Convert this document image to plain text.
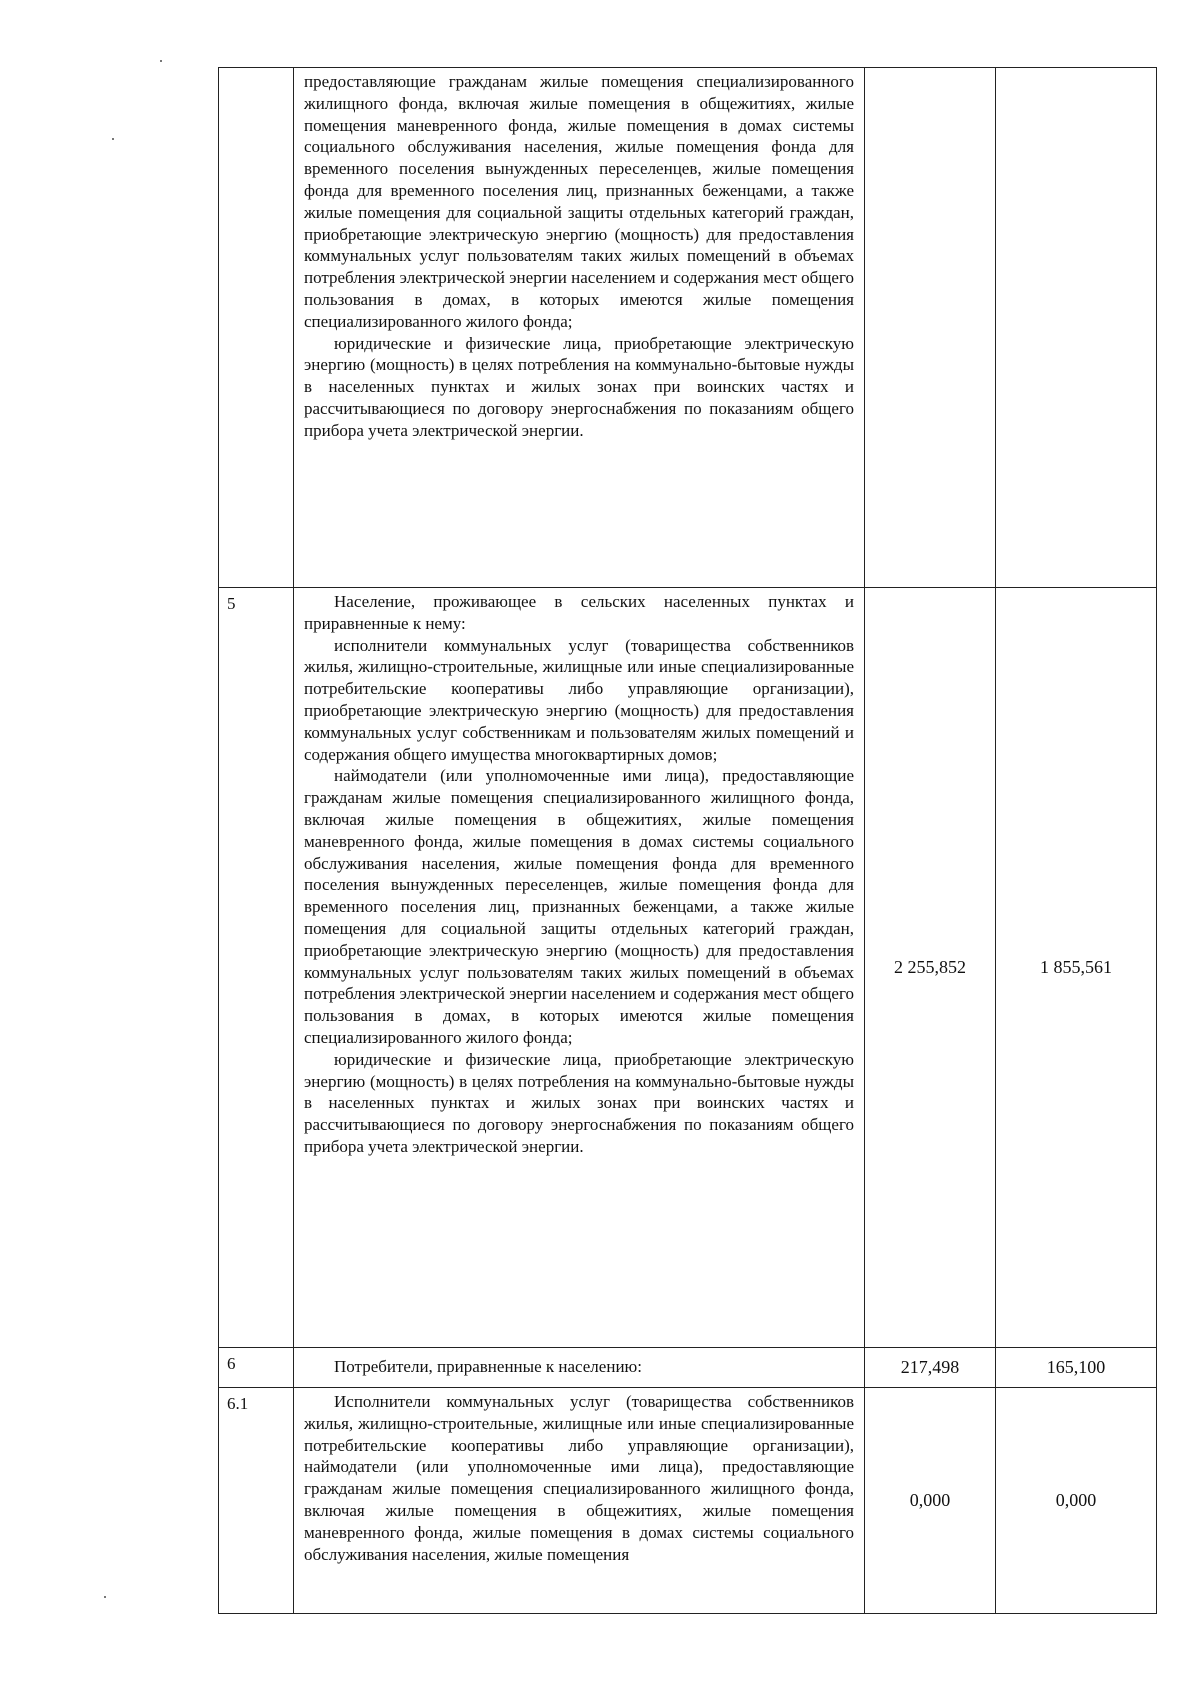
	предоставляющие гражданам жилые помещения специализированного жилищного фонда, включая жилые помещения в общежитиях, жилые помещения маневренного фонда, жилые помещения в домах системы социального обслуживания населения, жилые помещения фонда для временного поселения вынужденных переселенцев, жилые помещения фонда для временного поселения лиц, признанных беженцами, а также жилые помещения для социальной защиты отдельных категорий граждан, приобретающие электрическую энергию (мощность) для предоставления коммунальных услуг пользователям таких жилых помещений в объемах потребления электрической энергии населением и содержания мест общего пользования в домах, в которых имеются жилые помещения специализированного жилого фонда;

юридические и физические лица, приобретающие электрическую энергию (мощность) в целях потребления на коммунально-бытовые нужды в населенных пунктах и жилых зонах при воинских частях и рассчитывающиеся по договору энергоснабжения по показаниям общего прибора учета электрической энергии.		

5	Население, проживающее в сельских населенных пунктах и приравненные к нему:

исполнители коммунальных услуг (товарищества собственников жилья, жилищно-строительные, жилищные или иные специализированные потребительские кооперативы либо управляющие организации), приобретающие электрическую энергию (мощность) для предоставления коммунальных услуг собственникам и пользователям жилых помещений и содержания общего имущества многоквартирных домов;

наймодатели (или уполномоченные ими лица), предоставляющие гражданам жилые помещения специализированного жилищного фонда, включая жилые помещения в общежитиях, жилые помещения маневренного фонда, жилые помещения в домах системы социального обслуживания населения, жилые помещения фонда для временного поселения вынужденных переселенцев, жилые помещения фонда для временного поселения лиц, признанных беженцами, а также жилые помещения для социальной защиты отдельных категорий граждан, приобретающие электрическую энергию (мощность) для предоставления коммунальных услуг пользователям таких жилых помещений в объемах потребления электрической энергии населением и содержания мест общего пользования в домах, в которых имеются жилые помещения специализированного жилого фонда;

юридические и физические лица, приобретающие электрическую энергию (мощность) в целях потребления на коммунально-бытовые нужды в населенных пунктах и жилых зонах при воинских частях и рассчитывающиеся по договору энергоснабжения по показаниям общего прибора учета электрической энергии.	2 255,852	1 855,561
6	Потребители, приравненные к населению:	217,498	165,100
6.1	Исполнители коммунальных услуг (товарищества собственников жилья, жилищно-строительные, жилищные или иные специализированные потребительские кооперативы либо управляющие организации), наймодатели (или уполномоченные ими лица), предоставляющие гражданам жилые помещения специализированного жилищного фонда, включая жилые помещения в общежитиях, жилые помещения маневренного фонда, жилые помещения в домах системы социального обслуживания населения, жилые помещения	0,000	0,000
